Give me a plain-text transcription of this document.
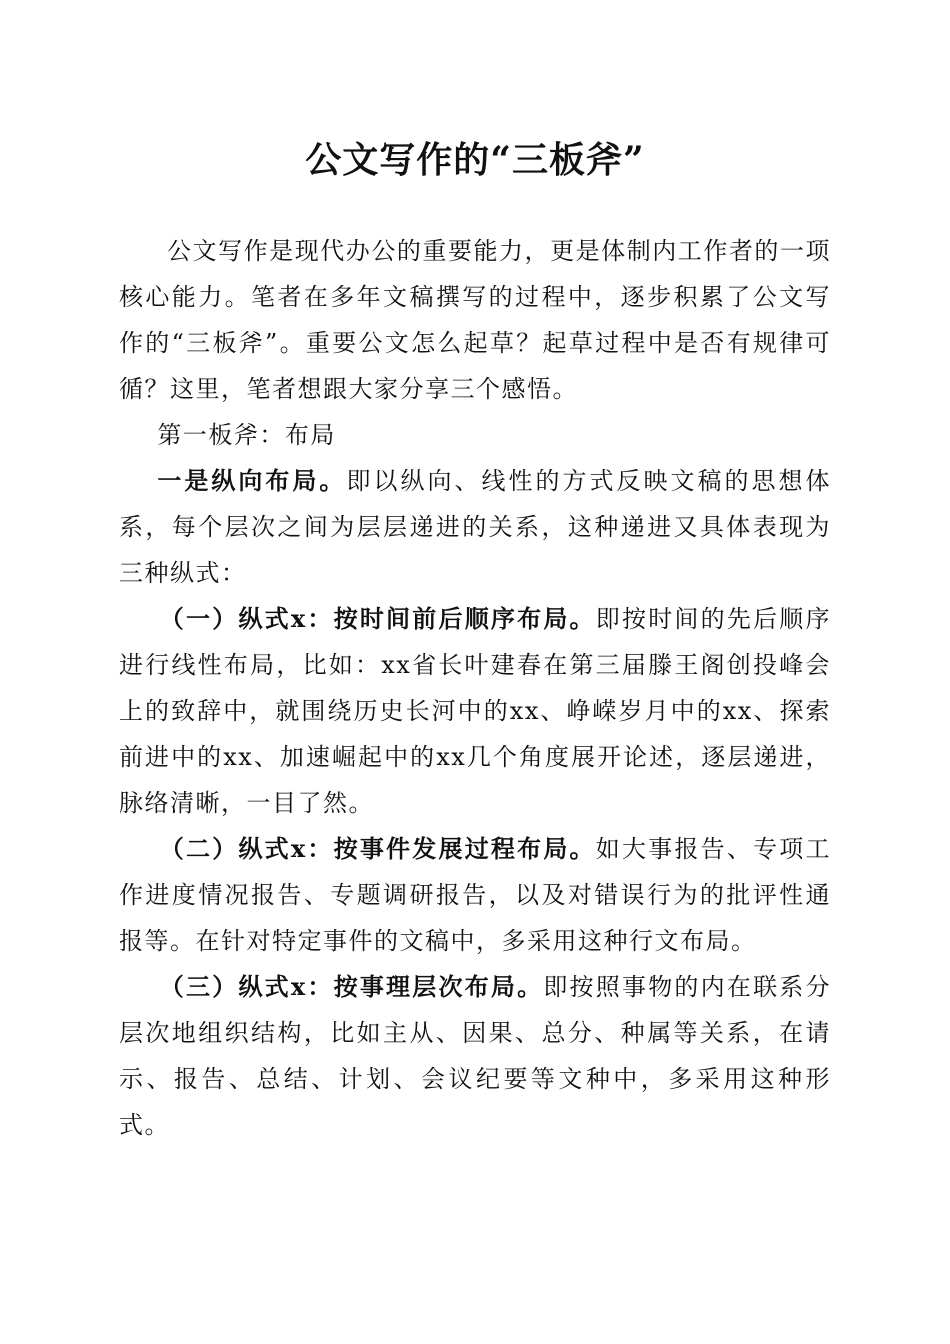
公文写作的“三板斧”

公文写作是现代办公的重要能力，更是体制内工作者的一项核心能力。笔者在多年文稿撰写的过程中，逐步积累了公文写作的“三板斧”。重要公文怎么起草？起草过程中是否有规律可循？这里，笔者想跟大家分享三个感悟。

第一板斧：布局

一是纵向布局。即以纵向、线性的方式反映文稿的思想体系，每个层次之间为层层递进的关系，这种递进又具体表现为三种纵式：

（一）纵式x：按时间前后顺序布局。即按时间的先后顺序进行线性布局，比如：xx省长叶建春在第三届滕王阁创投峰会上的致辞中，就围绕历史长河中的xx、峥嵘岁月中的xx、探索前进中的xx、加速崛起中的xx几个角度展开论述，逐层递进，脉络清晰，一目了然。

（二）纵式x：按事件发展过程布局。如大事报告、专项工作进度情况报告、专题调研报告，以及对错误行为的批评性通报等。在针对特定事件的文稿中，多采用这种行文布局。

（三）纵式x：按事理层次布局。即按照事物的内在联系分层次地组织结构，比如主从、因果、总分、种属等关系，在请示、报告、总结、计划、会议纪要等文种中，多采用这种形式。
